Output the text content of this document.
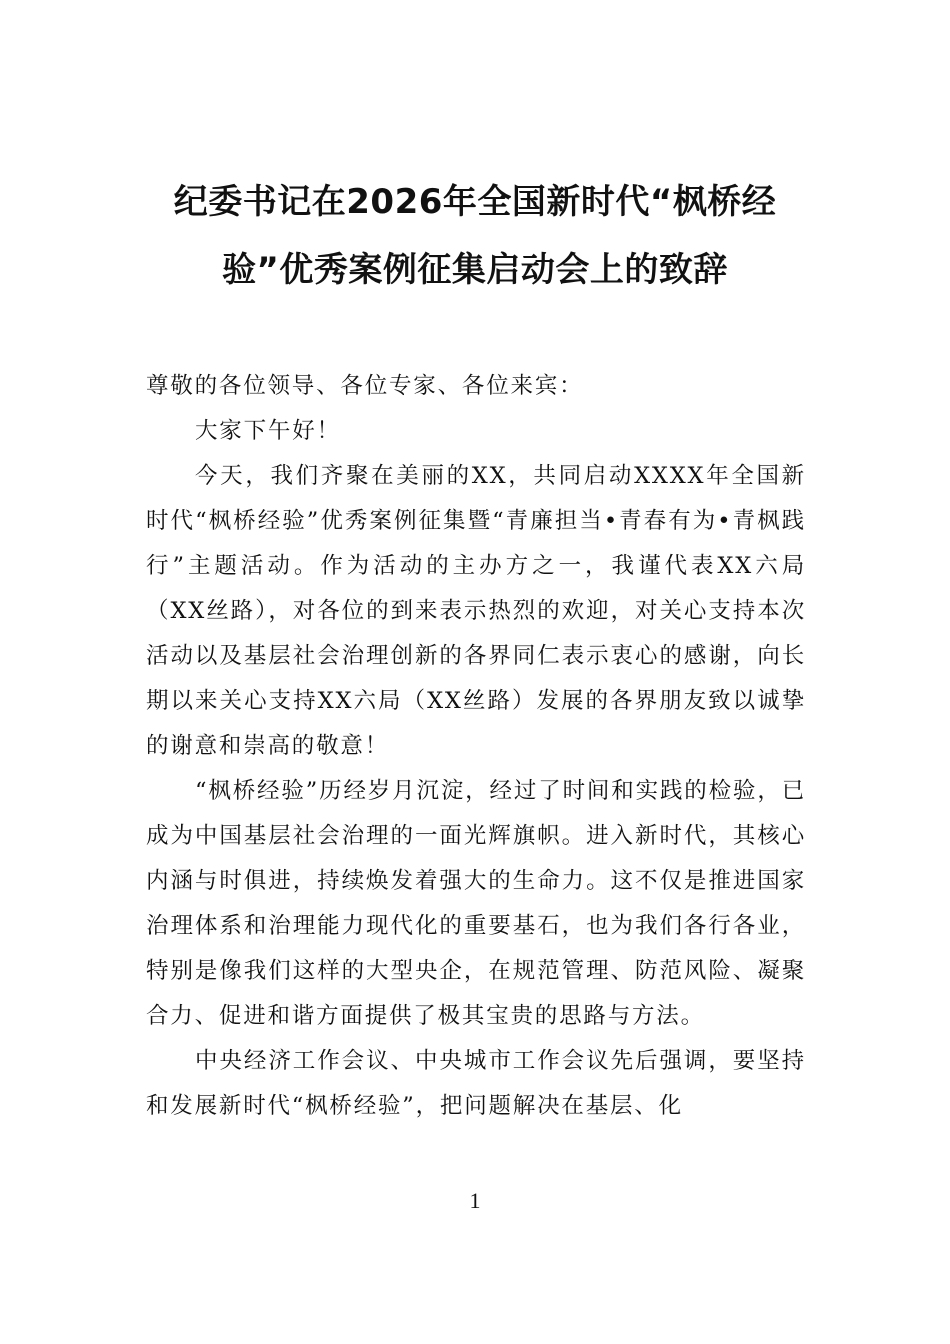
纪委书记在2026年全国新时代“枫桥经
验”优秀案例征集启动会上的致辞

尊敬的各位领导、各位专家、各位来宾：

大家下午好！

今天，我们齐聚在美丽的XX，共同启动XXXX年全国新时代“枫桥经验”优秀案例征集暨“青廉担当•青春有为•青枫践行”主题活动。作为活动的主办方之一，我谨代表XX六局（XX丝路），对各位的到来表示热烈的欢迎，对关心支持本次活动以及基层社会治理创新的各界同仁表示衷心的感谢，向长期以来关心支持XX六局（XX丝路）发展的各界朋友致以诚挚的谢意和崇高的敬意！

“枫桥经验”历经岁月沉淀，经过了时间和实践的检验，已成为中国基层社会治理的一面光辉旗帜。进入新时代，其核心内涵与时俱进，持续焕发着强大的生命力。这不仅是推进国家治理体系和治理能力现代化的重要基石，也为我们各行各业，特别是像我们这样的大型央企，在规范管理、防范风险、凝聚合力、促进和谐方面提供了极其宝贵的思路与方法。

中央经济工作会议、中央城市工作会议先后强调，要坚持和发展新时代“枫桥经验”，把问题解决在基层、化

1
